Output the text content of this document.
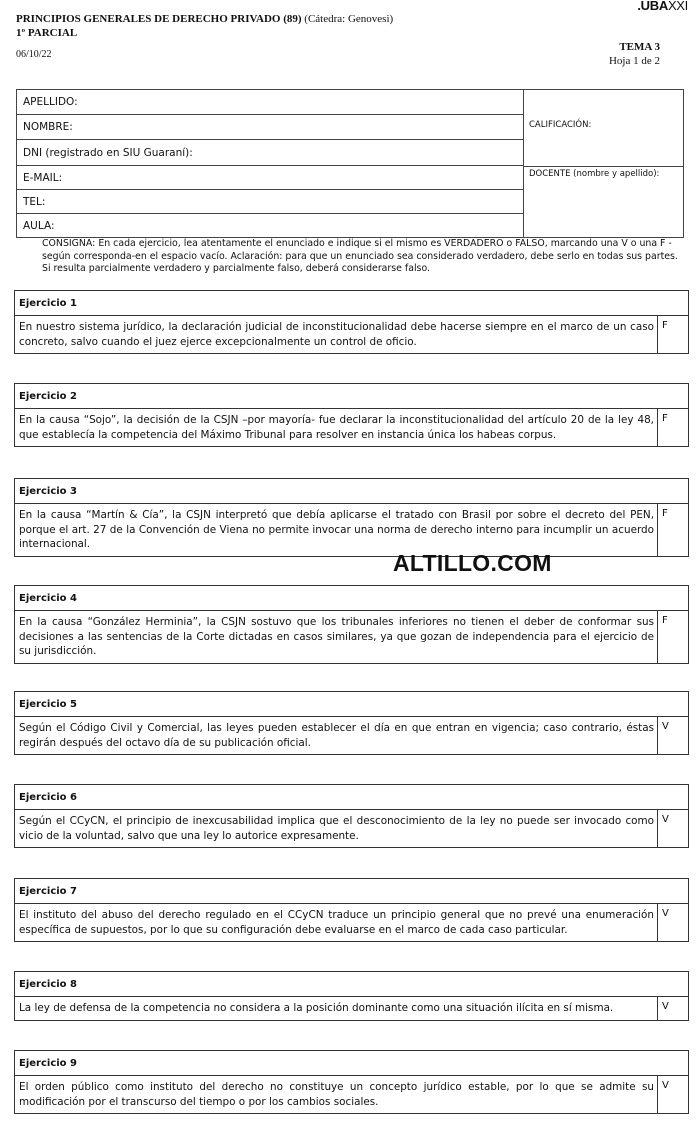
.UBAXXI
PRINCIPIOS GENERALES DE DERECHO PRIVADO (89) (Cátedra: Genovesi)
1º PARCIAL
06/10/22
TEMA 3
Hoja 1 de 2
APELLIDO:
NOMBRE:
DNI (registrado en SIU Guaraní):
E-MAIL:
TEL:
AULA:
CALIFICACIÓN:
DOCENTE (nombre y apellido):
CONSIGNA: En cada ejercicio, lea atentamente el enunciado e indique si el mismo es VERDADERO o FALSO, marcando una V o una F -según corresponda-en el espacio vacío. Aclaración: para que un enunciado sea considerado verdadero, debe serlo en todas sus partes. Si resulta parcialmente verdadero y parcialmente falso, deberá considerarse falso.
Ejercicio 1
En nuestro sistema jurídico, la declaración judicial de inconstitucionalidad debe hacerse siempre en el marco de un caso concreto, salvo cuando el juez ejerce excepcionalmente un control de oficio.
F
Ejercicio 2
En la causa “Sojo”, la decisión de la CSJN –por mayoría- fue declarar la inconstitucionalidad del artículo 20 de la ley 48, que establecía la competencia del Máximo Tribunal para resolver en instancia única los habeas corpus.
F
Ejercicio 3
En la causa “Martín & Cía”, la CSJN interpretó que debía aplicarse el tratado con Brasil por sobre el decreto del PEN, porque el art. 27 de la Convención de Viena no permite invocar una norma de derecho interno para incumplir un acuerdo internacional.
F
Ejercicio 4
En la causa “González Herminia”, la CSJN sostuvo que los tribunales inferiores no tienen el deber de conformar sus decisiones a las sentencias de la Corte dictadas en casos similares, ya que gozan de independencia para el ejercicio de su jurisdicción.
F
Ejercicio 5
Según el Código Civil y Comercial, las leyes pueden establecer el día en que entran en vigencia; caso contrario, éstas regirán después del octavo día de su publicación oficial.
V
Ejercicio 6
Según el CCyCN, el principio de inexcusabilidad implica que el desconocimiento de la ley no puede ser invocado como vicio de la voluntad, salvo que una ley lo autorice expresamente.
V
Ejercicio 7
El instituto del abuso del derecho regulado en el CCyCN traduce un principio general que no prevé una enumeración específica de supuestos, por lo que su configuración debe evaluarse en el marco de cada caso particular.
V
Ejercicio 8
La ley de defensa de la competencia no considera a la posición dominante como una situación ilícita en sí misma.	V
Ejercicio 9
El orden público como instituto del derecho no constituye un concepto jurídico estable, por lo que se admite su modificación por el transcurso del tiempo o por los cambios sociales.
V
ALTILLO.COM
